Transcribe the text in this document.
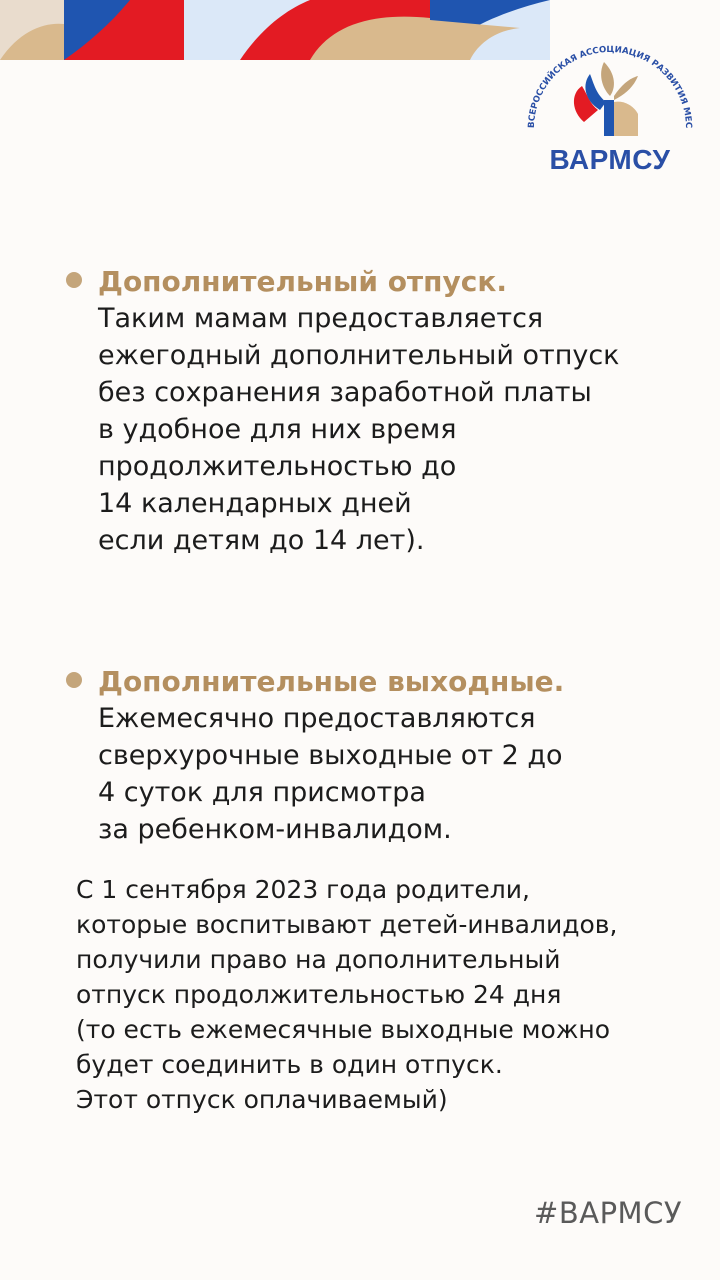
ВСЕРОССИЙСКАЯ АССОЦИАЦИЯ РАЗВИТИЯ МЕС
ВАРМСУ
Дополнительный отпуск.
Таким мамам предоставляется
ежегодный дополнительный отпуск
без сохранения заработной платы
в удобное для них время
продолжительностью до
14 календарных дней
если детям до 14 лет).
Дополнительные выходные.
Ежемесячно предоставляются
сверхурочные выходные от 2 до
4 суток для присмотра
за ребенком-инвалидом.
С 1 сентября 2023 года родители,
которые воспитывают детей-инвалидов,
получили право на дополнительный
отпуск продолжительностью 24 дня
(то есть ежемесячные выходные можно
будет соединить в один отпуск.
Этот отпуск оплачиваемый)
#ВАРМСУ
